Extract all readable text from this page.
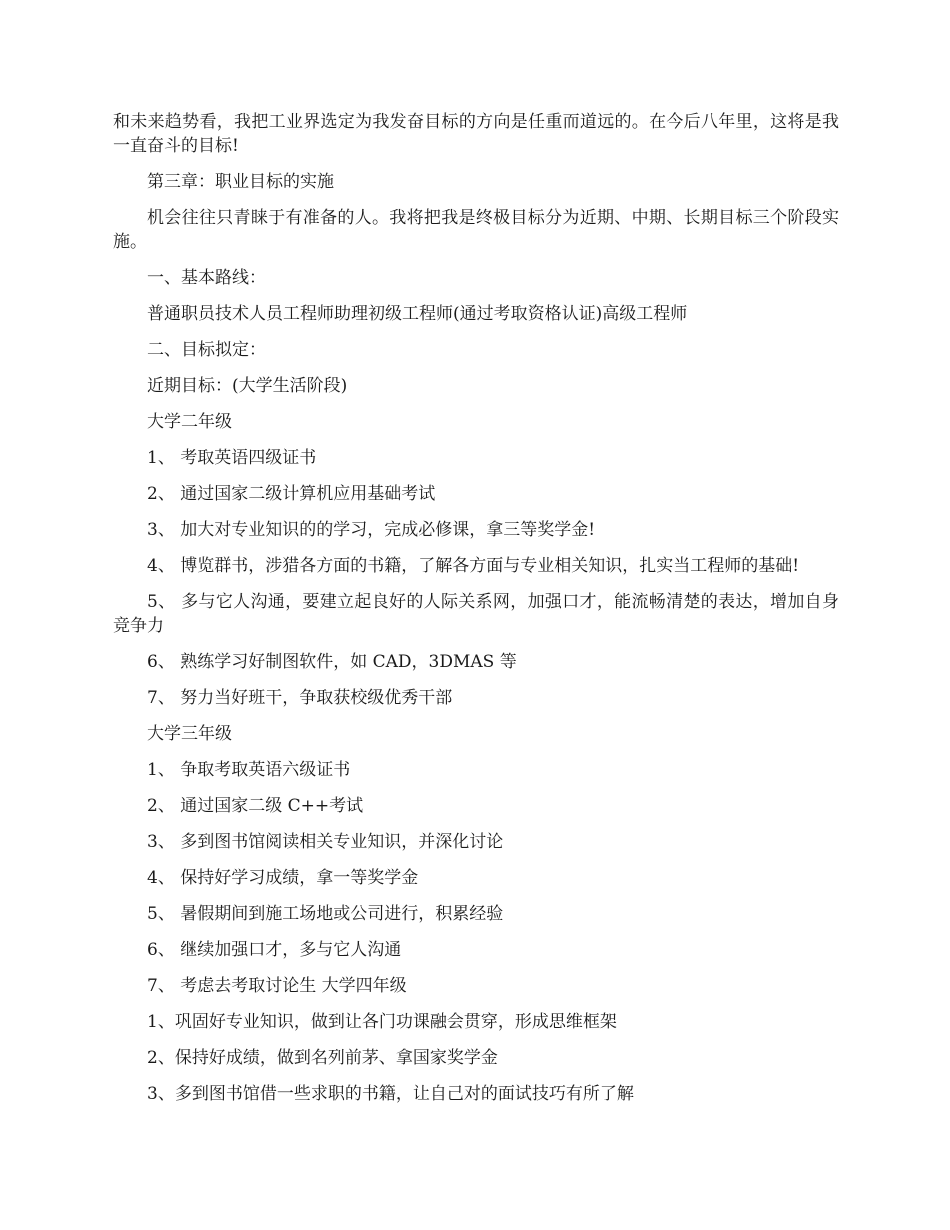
和未来趋势看，我把工业界选定为我发奋目标的方向是任重而道远的。在今后八年里，这将是我一直奋斗的目标!

第三章：职业目标的实施

机会往往只青睐于有准备的人。我将把我是终极目标分为近期、中期、长期目标三个阶段实施。

一、基本路线：

普通职员技术人员工程师助理初级工程师(通过考取资格认证)高级工程师

二、目标拟定：

近期目标：(大学生活阶段)

大学二年级

1、 考取英语四级证书

2、 通过国家二级计算机应用基础考试

3、 加大对专业知识的的学习，完成必修课，拿三等奖学金!

4、 博览群书，涉猎各方面的书籍，了解各方面与专业相关知识，扎实当工程师的基础!

5、 多与它人沟通，要建立起良好的人际关系网，加强口才，能流畅清楚的表达，增加自身竞争力

6、 熟练学习好制图软件，如 CAD，3DMAS 等

7、 努力当好班干，争取获校级优秀干部

大学三年级

1、 争取考取英语六级证书

2、 通过国家二级 C++考试

3、 多到图书馆阅读相关专业知识，并深化讨论

4、 保持好学习成绩，拿一等奖学金

5、 暑假期间到施工场地或公司进行，积累经验

6、 继续加强口才，多与它人沟通

7、 考虑去考取讨论生 大学四年级

1、巩固好专业知识，做到让各门功课融会贯穿，形成思维框架

2、保持好成绩，做到名列前茅、拿国家奖学金

3、多到图书馆借一些求职的书籍，让自己对的面试技巧有所了解
